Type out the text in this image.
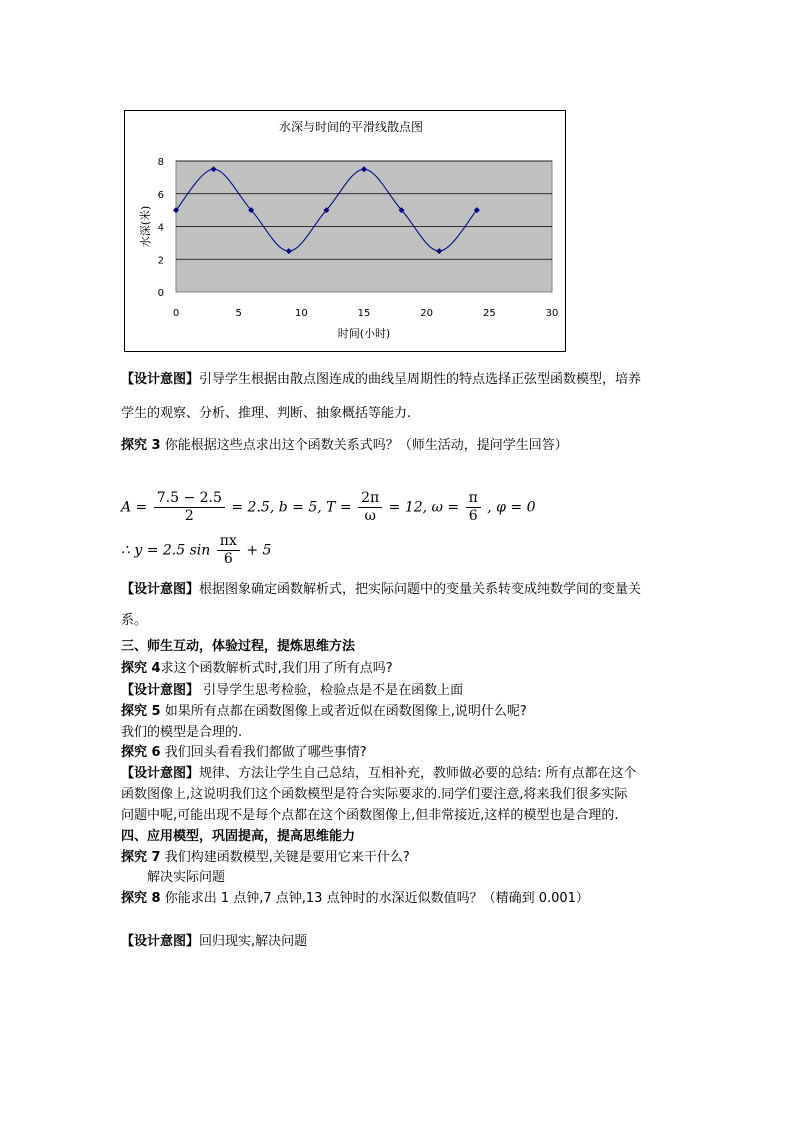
0
2
4
6
8
0	5	10	15	20	25	30
水深与时间的平滑线散点图
时间(小时)
水深(米)
【设计意图】引导学生根据由散点图连成的曲线呈周期性的特点选择正弦型函数模型，培养
学生的观察、分析、推理、判断、抽象概括等能力.
探究 3 你能根据这些点求出这个函数关系式吗？（师生活动，提问学生回答）
$A = \frac{7.5 - 2.5}{2} = 2.5$, b = 5, $T = \frac{2\pi}{\omega} = 12$, $\omega = \frac{\pi}{6}$ , φ = 0
∴ y = 2.5 $\sin \frac{\pi x}{6} + 5$
【设计意图】根据图象确定函数解析式，把实际问题中的变量关系转变成纯数学间的变量关
系。
三、师生互动，体验过程，提炼思维方法
探究 4求这个函数解析式时,我们用了所有点吗?
【设计意图】 引导学生思考检验，检验点是不是在函数上面
探究 5 如果所有点都在函数图像上或者近似在函数图像上,说明什么呢?
我们的模型是合理的.
探究 6 我们回头看看我们都做了哪些事情?
【设计意图】规律、方法让学生自己总结，互相补充，教师做必要的总结: 所有点都在这个
函数图像上,这说明我们这个函数模型是符合实际要求的.同学们要注意,将来我们很多实际
问题中呢,可能出现不是每个点都在这个函数图像上,但非常接近,这样的模型也是合理的.
四、应用模型，巩固提高，提高思维能力
探究 7 我们构建函数模型,关键是要用它来干什么?
解决实际问题
探究 8 你能求出 1 点钟,7 点钟,13 点钟时的水深近似数值吗？（精确到 0.001）
【设计意图】回归现实,解决问题
